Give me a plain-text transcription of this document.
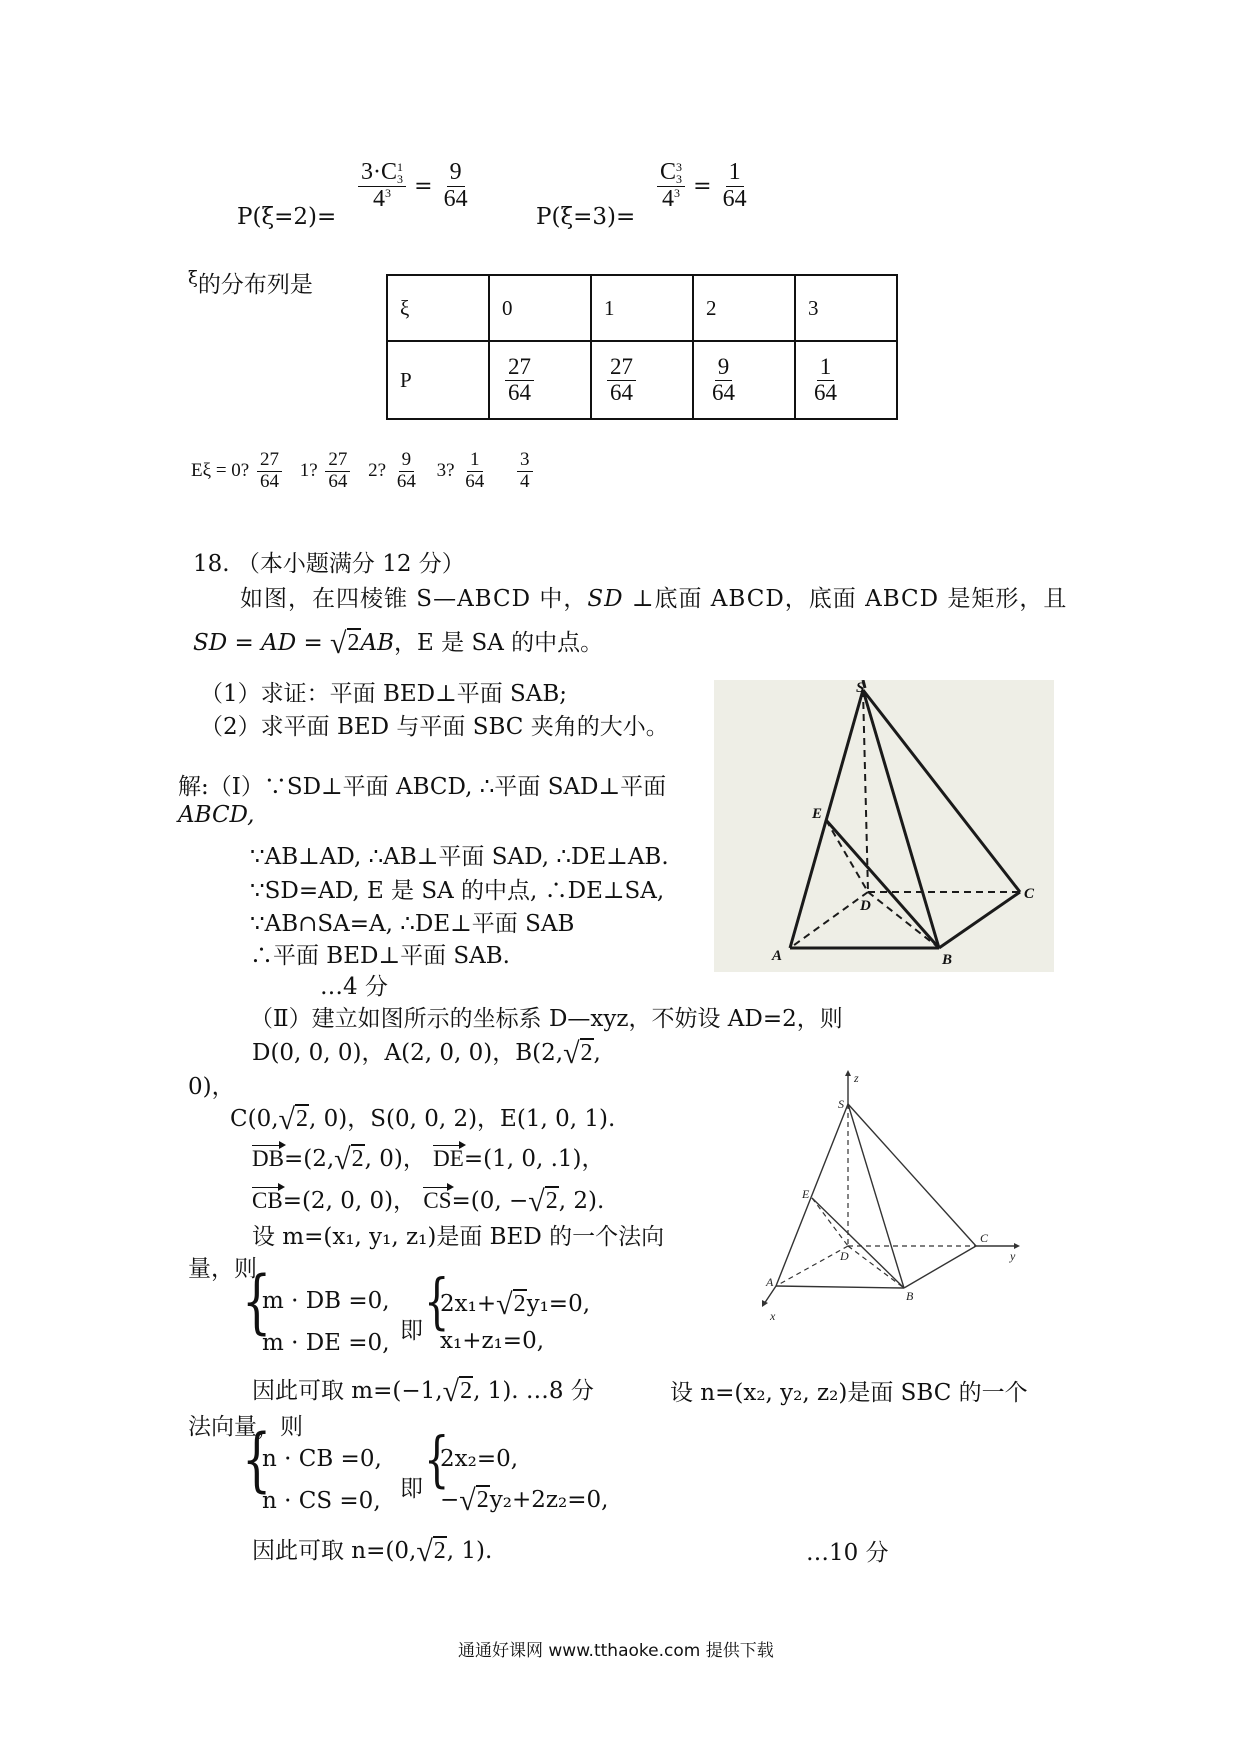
P(ξ=2)=
3·C 1
3
$4^3 = \frac{9}{64}$
P(ξ=3)=
C 3
3
$4^3 = \frac{1}{64}$
$^\xi$的分布列是
ξ	0	1	2	3
P	$\frac{27}{64}$	$\frac{27}{64}$	$\frac{9}{64}$	$\frac{1}{64}$
Eξ = 0? $\frac{27}{64} 1$? $\frac{27}{64} 2$? $\frac{9}{64} 3$? $\frac{1}{64}$
$\frac{3}{4}$
18. （本小题满分 12 分）
如图，在四棱锥 S—ABCD 中，SD ⊥底面 ABCD，底面 ABCD 是矩形，且
SD = AD = √2AB，E 是 SA 的中点。
（1）求证：平面 BED⊥平面 SAB;
（2）求平面 BED 与平面 SBC 夹角的大小。
解:（Ⅰ）∵SD⊥平面 ABCD, ∴平面 SAD⊥平面
ABCD,
∵AB⊥AD, ∴AB⊥平面 SAD, ∴DE⊥AB.
∵SD=AD, E 是 SA 的中点, ∴DE⊥SA,
∵AB∩SA=A, ∴DE⊥平面 SAB
∴平面 BED⊥平面 SAB.
…4 分
（Ⅱ）建立如图所示的坐标系 D—xyz，不妨设 AD=2，则
D(0, 0, 0)，A(2, 0, 0)，B(2,√2,
0)，
C(0,√2, 0)，S(0, 0, 2)，E(1, 0, 1).
DB=(2,√2, 0)， DE=(1, 0, .1)，
CB=(2, 0, 0)， CS=(0, −√2, 2).
设 m=(x₁, y₁, z₁)是面 BED 的一个法向
量，则
{
m · DB =0,
m · DE =0, 即 {
2x₁+√2y₁=0,
x₁+z₁=0,
因此可取 m=(−1,√2, 1). …8 分	设 n=(x₂, y₂, z₂)是面 SBC 的一个
法向量，则
{
n · CB =0,
n · CS =0, 即 {
2x₂=0,
−√2y₂+2z₂=0,
因此可取 n=(0,√2, 1).	…10 分
S
E
D
C
A	B
z
S
E
D
C
y
A
B
x
通通好课网 www.tthaoke.com 提供下载
